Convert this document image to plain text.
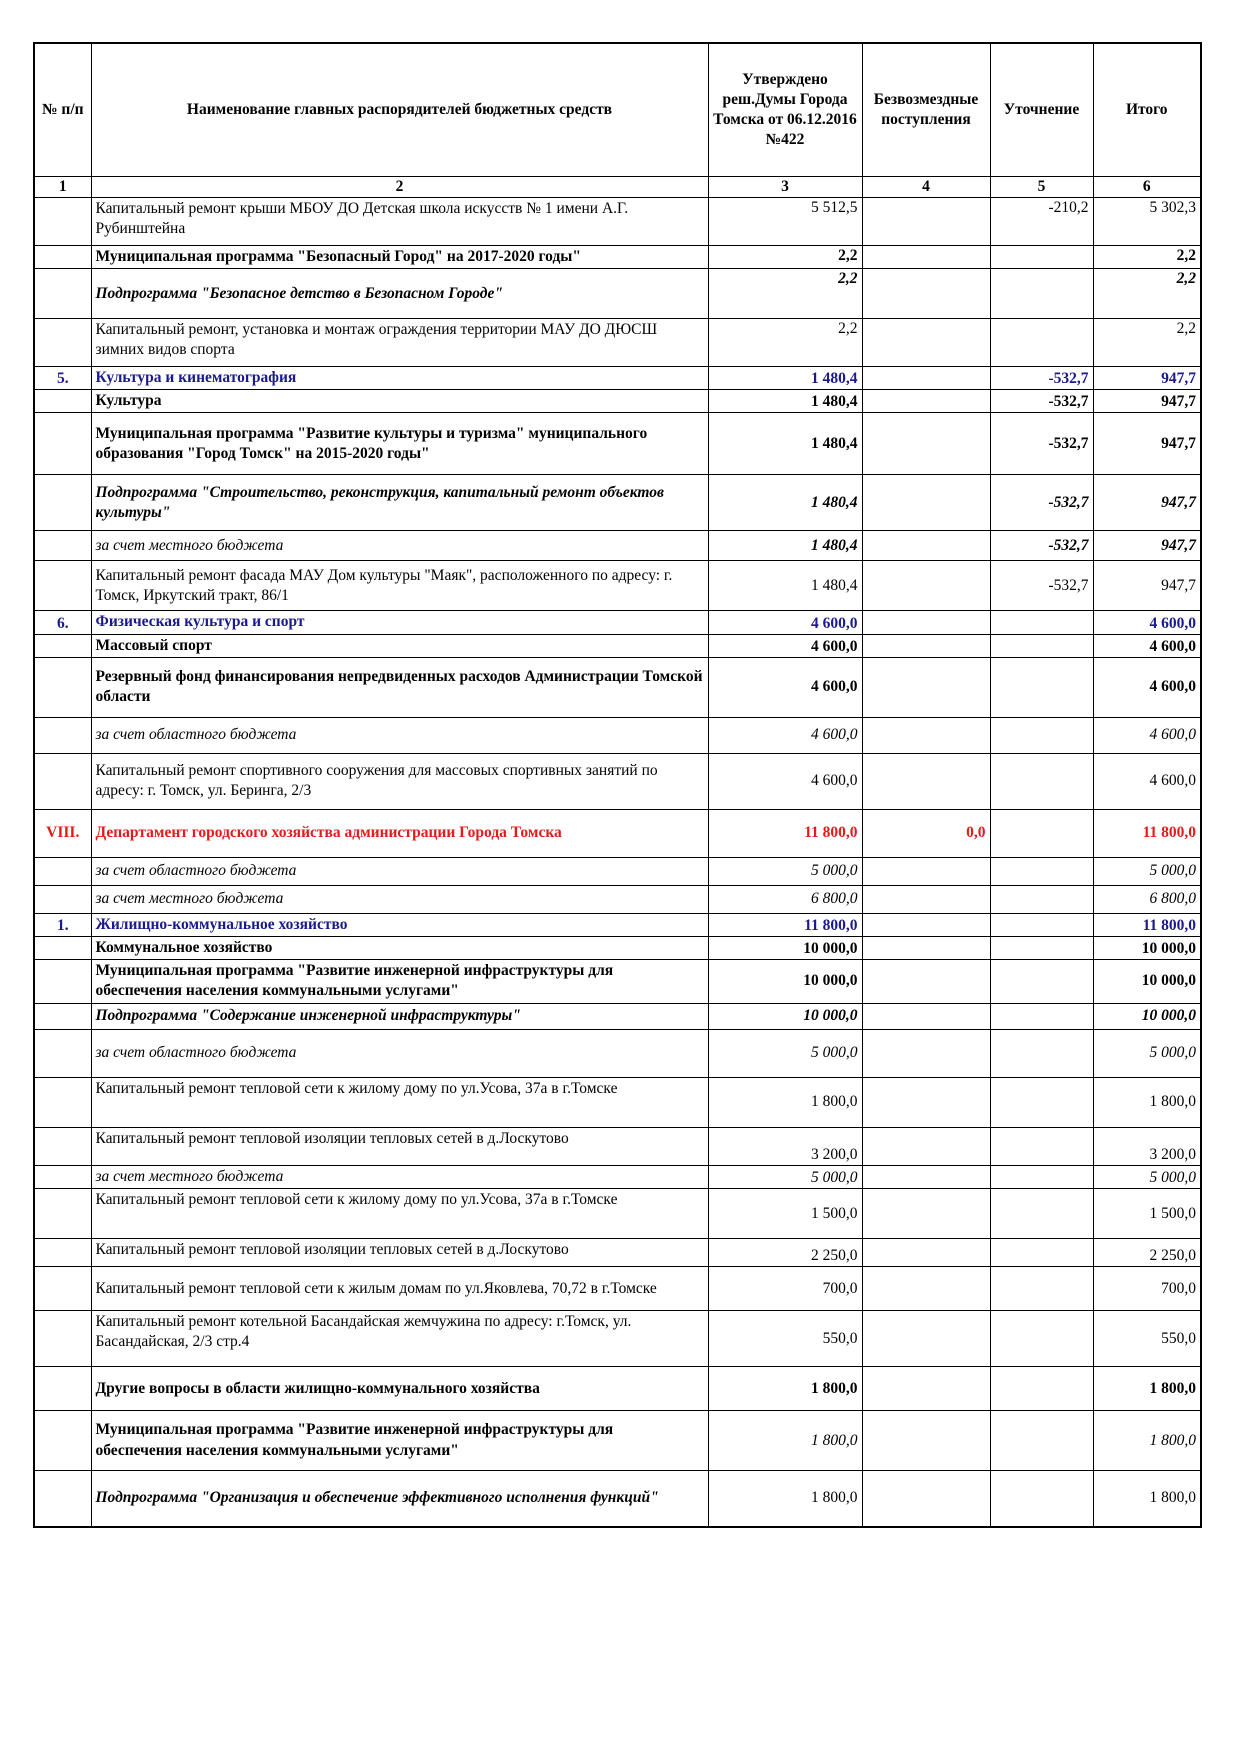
№ п/п	Наименование главных распорядителей бюджетных средств	Утверждено реш.Думы Города Томска от 06.12.2016 №422	Безвозмездные поступления	Уточнение	Итого
1	2	3	4	5	6
	Капитальный ремонт крыши МБОУ ДО Детская школа искусств № 1 имени А.Г. Рубинштейна	5 512,5		-210,2	5 302,3
	Муниципальная программа "Безопасный Город" на 2017-2020 годы"	2,2			2,2
	Подпрограмма "Безопасное детство в Безопасном Городе"	2,2			2,2
	Капитальный ремонт, установка и монтаж ограждения территории МАУ ДО ДЮСШ зимних видов спорта	2,2			2,2
5.	Культура и кинематография	1 480,4		-532,7	947,7
	Культура	1 480,4		-532,7	947,7
	Муниципальная программа "Развитие культуры и туризма" муниципального образования "Город Томск" на 2015-2020 годы"	1 480,4		-532,7	947,7
	Подпрограмма "Строительство, реконструкция, капитальный ремонт объектов культуры"	1 480,4		-532,7	947,7
	за счет местного бюджета	1 480,4		-532,7	947,7
	Капитальный ремонт фасада МАУ Дом культуры "Маяк", расположенного по адресу: г. Томск, Иркутский тракт, 86/1	1 480,4		-532,7	947,7
6.	Физическая культура и спорт	4 600,0			4 600,0
	Массовый спорт	4 600,0			4 600,0
	Резервный фонд финансирования непредвиденных расходов Администрации Томской области	4 600,0			4 600,0
	за счет областного бюджета	4 600,0			4 600,0
	Капитальный ремонт спортивного сооружения для массовых спортивных занятий по адресу: г. Томск, ул. Беринга, 2/3	4 600,0			4 600,0
VIII.	Департамент городского хозяйства администрации Города Томска	11 800,0	0,0		11 800,0
	за счет областного бюджета	5 000,0			5 000,0
	за счет местного бюджета	6 800,0			6 800,0
1.	Жилищно-коммунальное хозяйство	11 800,0			11 800,0
	Коммунальное хозяйство	10 000,0			10 000,0
	Муниципальная программа "Развитие инженерной инфраструктуры для обеспечения населения коммунальными услугами"	10 000,0			10 000,0
	Подпрограмма "Содержание инженерной инфраструктуры"	10 000,0			10 000,0
	за счет областного бюджета	5 000,0			5 000,0
	Капитальный ремонт тепловой сети к жилому дому по ул.Усова, 37а в г.Томске	1 800,0			1 800,0
	Капитальный ремонт тепловой изоляции тепловых сетей в д.Лоскутово	3 200,0			3 200,0
	за счет местного бюджета	5 000,0			5 000,0
	Капитальный ремонт тепловой сети к жилому дому по ул.Усова, 37а в г.Томске	1 500,0			1 500,0
	Капитальный ремонт тепловой изоляции тепловых сетей в д.Лоскутово	2 250,0			2 250,0
	Капитальный ремонт тепловой сети к жилым домам по ул.Яковлева, 70,72 в г.Томске	700,0			700,0
	Капитальный ремонт котельной Басандайская жемчужина по адресу: г.Томск, ул. Басандайская, 2/3 стр.4	550,0			550,0
	Другие вопросы в области жилищно-коммунального хозяйства	1 800,0			1 800,0
	Муниципальная программа "Развитие инженерной инфраструктуры для обеспечения населения коммунальными услугами"	1 800,0			1 800,0
	Подпрограмма "Организация и обеспечение эффективного исполнения функций"	1 800,0			1 800,0
